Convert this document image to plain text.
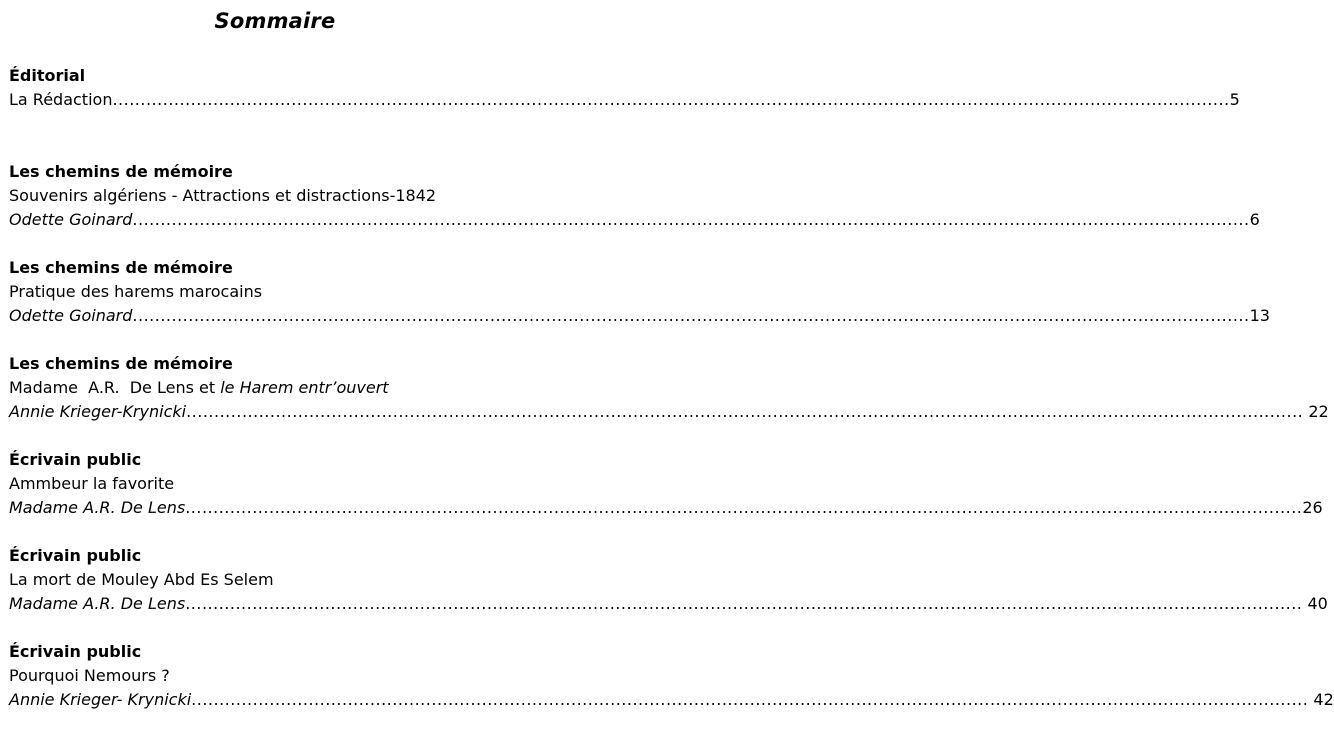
Sommaire
Éditorial
La Rédaction ........................................................................................................................................................................................................ 5
Les chemins de mémoire
Souvenirs algériens - Attractions et distractions-1842
Odette Goinard ........................................................................................................................................................................................................ 6
Les chemins de mémoire
Pratique des harems marocains
Odette Goinard ........................................................................................................................................................................................................ 13
Les chemins de mémoire
Madame  A.R.  De Lens et le Harem entr’ouvert
Annie Krieger-Krynicki ........................................................................................................................................................................................................ 22
Écrivain public
Ammbeur la favorite
Madame A.R. De Lens ........................................................................................................................................................................................................ 26
Écrivain public
La mort de Mouley Abd Es Selem
Madame A.R. De Lens ........................................................................................................................................................................................................ 40
Écrivain public
Pourquoi Nemours ?
Annie Krieger- Krynicki ........................................................................................................................................................................................................ 42
